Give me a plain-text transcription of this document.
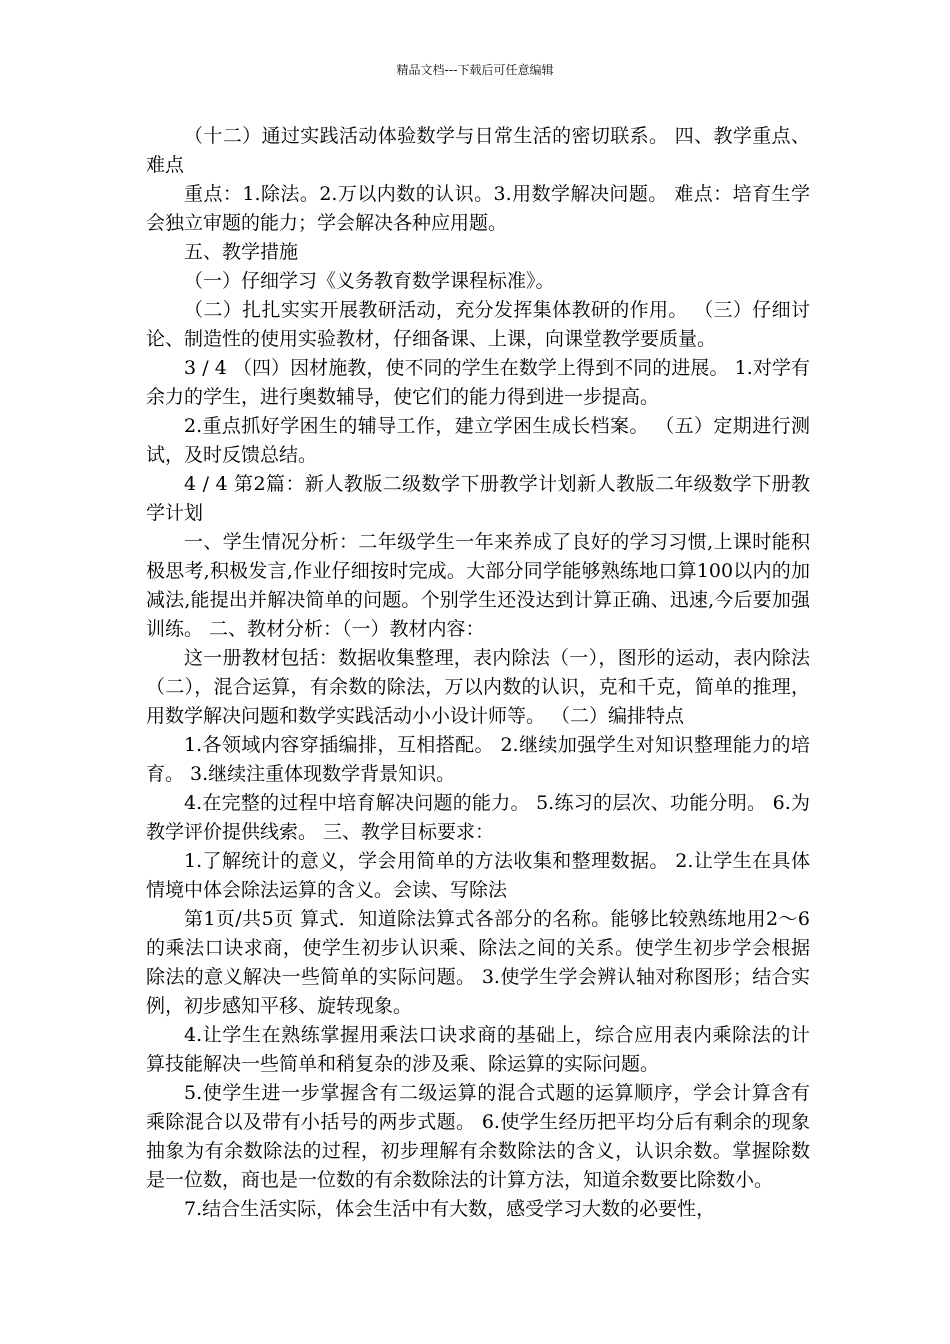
精品文档---下载后可任意编辑

（十二）通过实践活动体验数学与日常生活的密切联系。 四、教学重点、难点

重点：1.除法。2.万以内数的认识。3.用数学解决问题。 难点：培育生学会独立审题的能力；学会解决各种应用题。

五、教学措施

（一）仔细学习《义务教育数学课程标准》。

（二）扎扎实实开展教研活动，充分发挥集体教研的作用。 （三）仔细讨论、制造性的使用实验教材，仔细备课、上课，向课堂教学要质量。

3 / 4 （四）因材施教，使不同的学生在数学上得到不同的进展。 1.对学有余力的学生，进行奥数辅导，使它们的能力得到进一步提高。

2.重点抓好学困生的辅导工作，建立学困生成长档案。 （五）定期进行测试，及时反馈总结。

4 / 4 第2篇：新人教版二级数学下册教学计划新人教版二年级数学下册教学计划

一、学生情况分析：二年级学生一年来养成了良好的学习习惯,上课时能积极思考,积极发言,作业仔细按时完成。大部分同学能够熟练地口算100以内的加减法,能提出并解决简单的问题。个别学生还没达到计算正确、迅速,今后要加强训练。 二、教材分析：（一）教材内容：

这一册教材包括：数据收集整理，表内除法（一），图形的运动，表内除法（二），混合运算，有余数的除法，万以内数的认识，克和千克，简单的推理，用数学解决问题和数学实践活动小小设计师等。 （二）编排特点

1.各领域内容穿插编排，互相搭配。 2.继续加强学生对知识整理能力的培育。 3.继续注重体现数学背景知识。

4.在完整的过程中培育解决问题的能力。 5.练习的层次、功能分明。 6.为教学评价提供线索。 三、教学目标要求：

1.了解统计的意义，学会用简单的方法收集和整理数据。 2.让学生在具体情境中体会除法运算的含义。会读、写除法

第1页/共5页 算式．知道除法算式各部分的名称。能够比较熟练地用2～6的乘法口诀求商，使学生初步认识乘、除法之间的关系。使学生初步学会根据除法的意义解决一些简单的实际问题。 3.使学生学会辨认轴对称图形；结合实例，初步感知平移、旋转现象。

4.让学生在熟练掌握用乘法口诀求商的基础上，综合应用表内乘除法的计算技能解决一些简单和稍复杂的涉及乘、除运算的实际问题。

5.使学生进一步掌握含有二级运算的混合式题的运算顺序，学会计算含有乘除混合以及带有小括号的两步式题。 6.使学生经历把平均分后有剩余的现象抽象为有余数除法的过程，初步理解有余数除法的含义，认识余数。掌握除数是一位数，商也是一位数的有余数除法的计算方法，知道余数要比除数小。

7.结合生活实际，体会生活中有大数，感受学习大数的必要性，
